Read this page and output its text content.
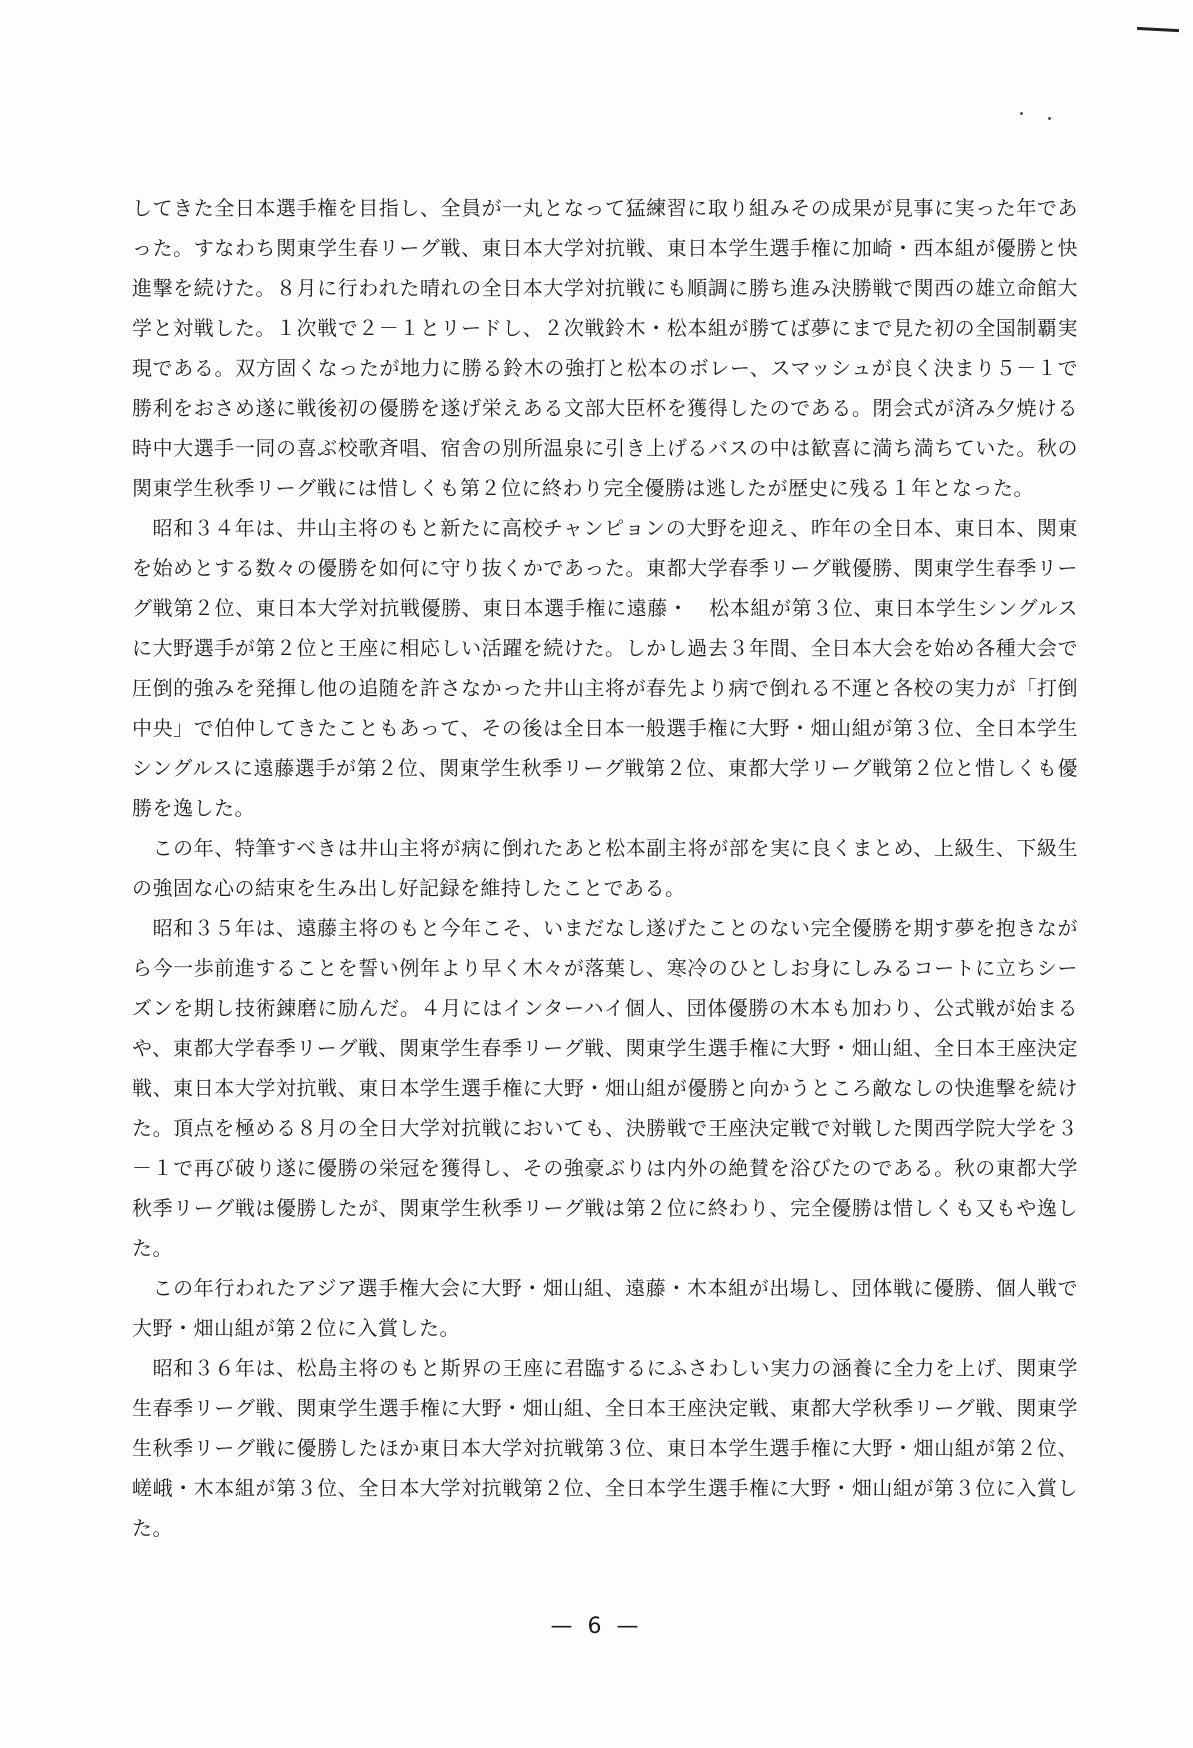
してきた全日本選手権を目指し、全員が一丸となって猛練習に取り組みその成果が見事に実った年であった。すなわち関東学生春リーグ戦、東日本大学対抗戦、東日本学生選手権に加崎・西本組が優勝と快進撃を続けた。８月に行われた晴れの全日本大学対抗戦にも順調に勝ち進み決勝戦で関西の雄立命館大学と対戦した。１次戦で２－１とリードし、２次戦鈴木・松本組が勝てば夢にまで見た初の全国制覇実現である。双方固くなったが地力に勝る鈴木の強打と松本のボレー、スマッシュが良く決まり５－１で勝利をおさめ遂に戦後初の優勝を遂げ栄えある文部大臣杯を獲得したのである。閉会式が済み夕焼ける時中大選手一同の喜ぶ校歌斉唱、宿舎の別所温泉に引き上げるバスの中は歓喜に満ち満ちていた。秋の関東学生秋季リーグ戦には惜しくも第２位に終わり完全優勝は逃したが歴史に残る１年となった。

　昭和３４年は、井山主将のもと新たに高校チャンピョンの大野を迎え、昨年の全日本、東日本、関東を始めとする数々の優勝を如何に守り抜くかであった。東都大学春季リーグ戦優勝、関東学生春季リーグ戦第２位、東日本大学対抗戦優勝、東日本選手権に遠藤・　松本組が第３位、東日本学生シングルスに大野選手が第２位と王座に相応しい活躍を続けた。しかし過去３年間、全日本大会を始め各種大会で圧倒的強みを発揮し他の追随を許さなかった井山主将が春先より病で倒れる不運と各校の実力が「打倒中央」で伯仲してきたこともあって、その後は全日本一般選手権に大野・畑山組が第３位、全日本学生シングルスに遠藤選手が第２位、関東学生秋季リーグ戦第２位、東都大学リーグ戦第２位と惜しくも優勝を逸した。

　この年、特筆すべきは井山主将が病に倒れたあと松本副主将が部を実に良くまとめ、上級生、下級生の強固な心の結束を生み出し好記録を維持したことである。

　昭和３５年は、遠藤主将のもと今年こそ、いまだなし遂げたことのない完全優勝を期す夢を抱きながら今一歩前進することを誓い例年より早く木々が落葉し、寒冷のひとしお身にしみるコートに立ちシーズンを期し技術錬磨に励んだ。４月にはインターハイ個人、団体優勝の木本も加わり、公式戦が始まるや、東都大学春季リーグ戦、関東学生春季リーグ戦、関東学生選手権に大野・畑山組、全日本王座決定戦、東日本大学対抗戦、東日本学生選手権に大野・畑山組が優勝と向かうところ敵なしの快進撃を続けた。頂点を極める８月の全日大学対抗戦においても、決勝戦で王座決定戦で対戦した関西学院大学を３－１で再び破り遂に優勝の栄冠を獲得し、その強豪ぶりは内外の絶賛を浴びたのである。秋の東都大学秋季リーグ戦は優勝したが、関東学生秋季リーグ戦は第２位に終わり、完全優勝は惜しくも又もや逸した。

　この年行われたアジア選手権大会に大野・畑山組、遠藤・木本組が出場し、団体戦に優勝、個人戦で大野・畑山組が第２位に入賞した。

　昭和３６年は、松島主将のもと斯界の王座に君臨するにふさわしい実力の涵養に全力を上げ、関東学生春季リーグ戦、関東学生選手権に大野・畑山組、全日本王座決定戦、東都大学秋季リーグ戦、関東学生秋季リーグ戦に優勝したほか東日本大学対抗戦第３位、東日本学生選手権に大野・畑山組が第２位、嵯峨・木本組が第３位、全日本大学対抗戦第２位、全日本学生選手権に大野・畑山組が第３位に入賞した。

— 6 —
